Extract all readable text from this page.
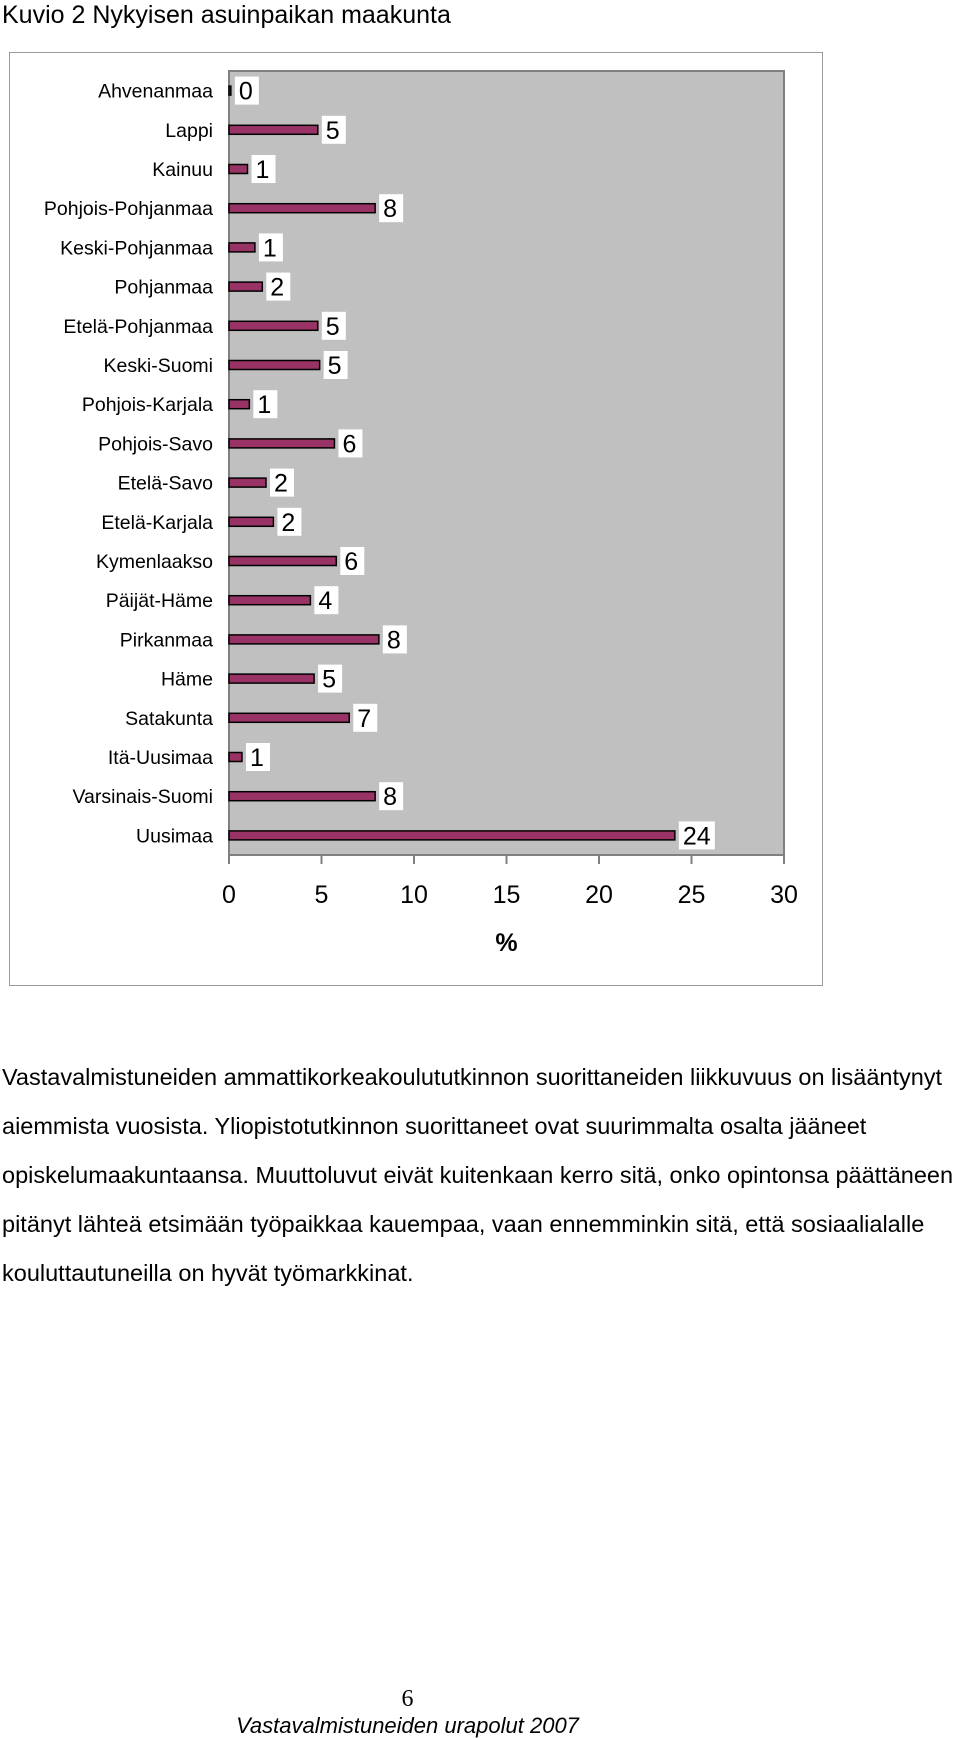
Kuvio 2 Nykyisen asuinpaikan maakunta
Ahvenanmaa 0
Lappi	5
Kainuu 1
Pohjois-Pohjanmaa	8
Keski-Pohjanmaa 1
Pohjanmaa 2
Etelä-Pohjanmaa	5
Keski-Suomi	5
Pohjois-Karjala 1
Pohjois-Savo	6
Etelä-Savo 2
Etelä-Karjala	2
Kymenlaakso	6
Päijät-Häme	4
Pirkanmaa	8
Häme	5
Satakunta	7
Itä-Uusimaa 1
Varsinais-Suomi	8
Uusimaa	24
0	5	10	15	20	25	30
%

Vastavalmistuneiden ammattikorkeakoulututkinnon suorittaneiden liikkuvuus on lisääntynyt aiemmista vuosista. Yliopistotutkinnon suorittaneet ovat suurimmalta osalta jääneet opiskelumaakuntaansa. Muuttoluvut eivät kuitenkaan kerro sitä, onko opintonsa päättäneen pitänyt lähteä etsimään työpaikkaa kauempaa, vaan ennemminkin sitä, että sosiaalialalle kouluttautuneilla on hyvät työmarkkinat.

6
Vastavalmistuneiden urapolut 2007
